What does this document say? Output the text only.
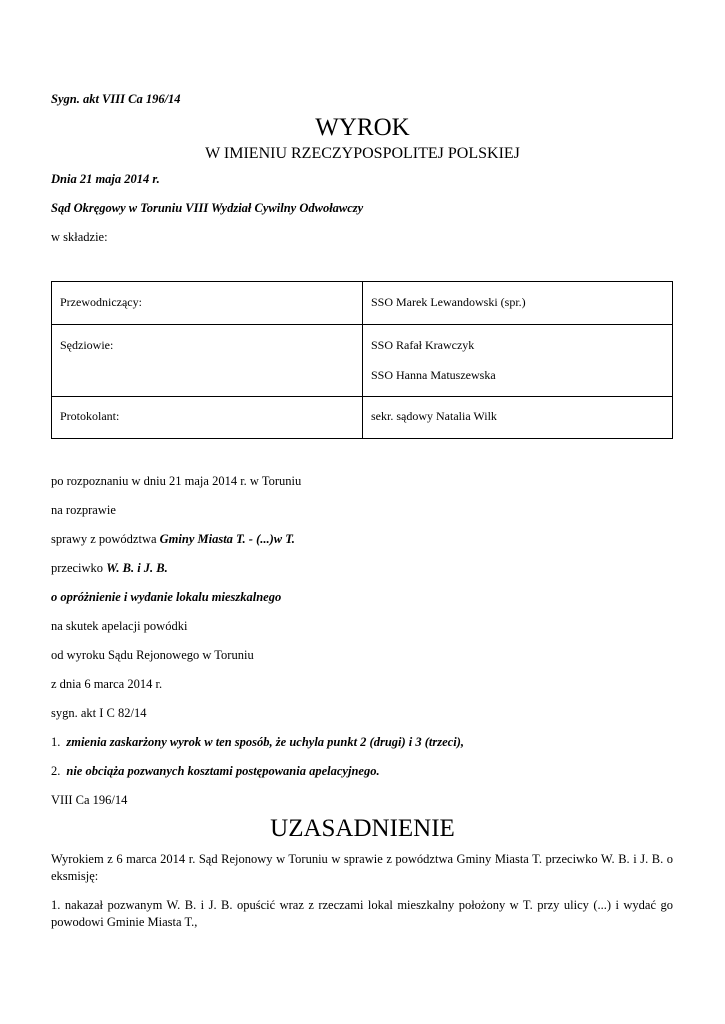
Sygn. akt VIII Ca 196/14
WYROK
W IMIENIU RZECZYPOSPOLITEJ POLSKIEJ
Dnia 21 maja 2014 r.
Sąd Okręgowy w Toruniu VIII Wydział Cywilny Odwoławczy
w składzie:
Przewodniczący:	SSO Marek Lewandowski (spr.)

Sędziowie:	SSO Rafał Krawczyk
SSO Hanna Matuszewska

Protokolant:	sekr. sądowy Natalia Wilk
po rozpoznaniu w dniu 21 maja 2014 r. w Toruniu
na rozprawie
sprawy z powództwa Gminy Miasta T. - (...)w T.
przeciwko W. B. i J. B.
o opróżnienie i wydanie lokalu mieszkalnego
na skutek apelacji powódki
od wyroku Sądu Rejonowego w Toruniu
z dnia 6 marca 2014 r.
sygn. akt I C 82/14
1. zmienia zaskarżony wyrok w ten sposób, że uchyla punkt 2 (drugi) i 3 (trzeci),
2. nie obciąża pozwanych kosztami postępowania apelacyjnego.
VIII Ca 196/14
UZASADNIENIE
Wyrokiem z 6 marca 2014 r. Sąd Rejonowy w Toruniu w sprawie z powództwa Gminy Miasta T. przeciwko W. B. i J. B. o eksmisję:
1. nakazał pozwanym W. B. i J. B. opuścić wraz z rzeczami lokal mieszkalny położony w T. przy ulicy (...) i wydać go powodowi Gminie Miasta T.,
